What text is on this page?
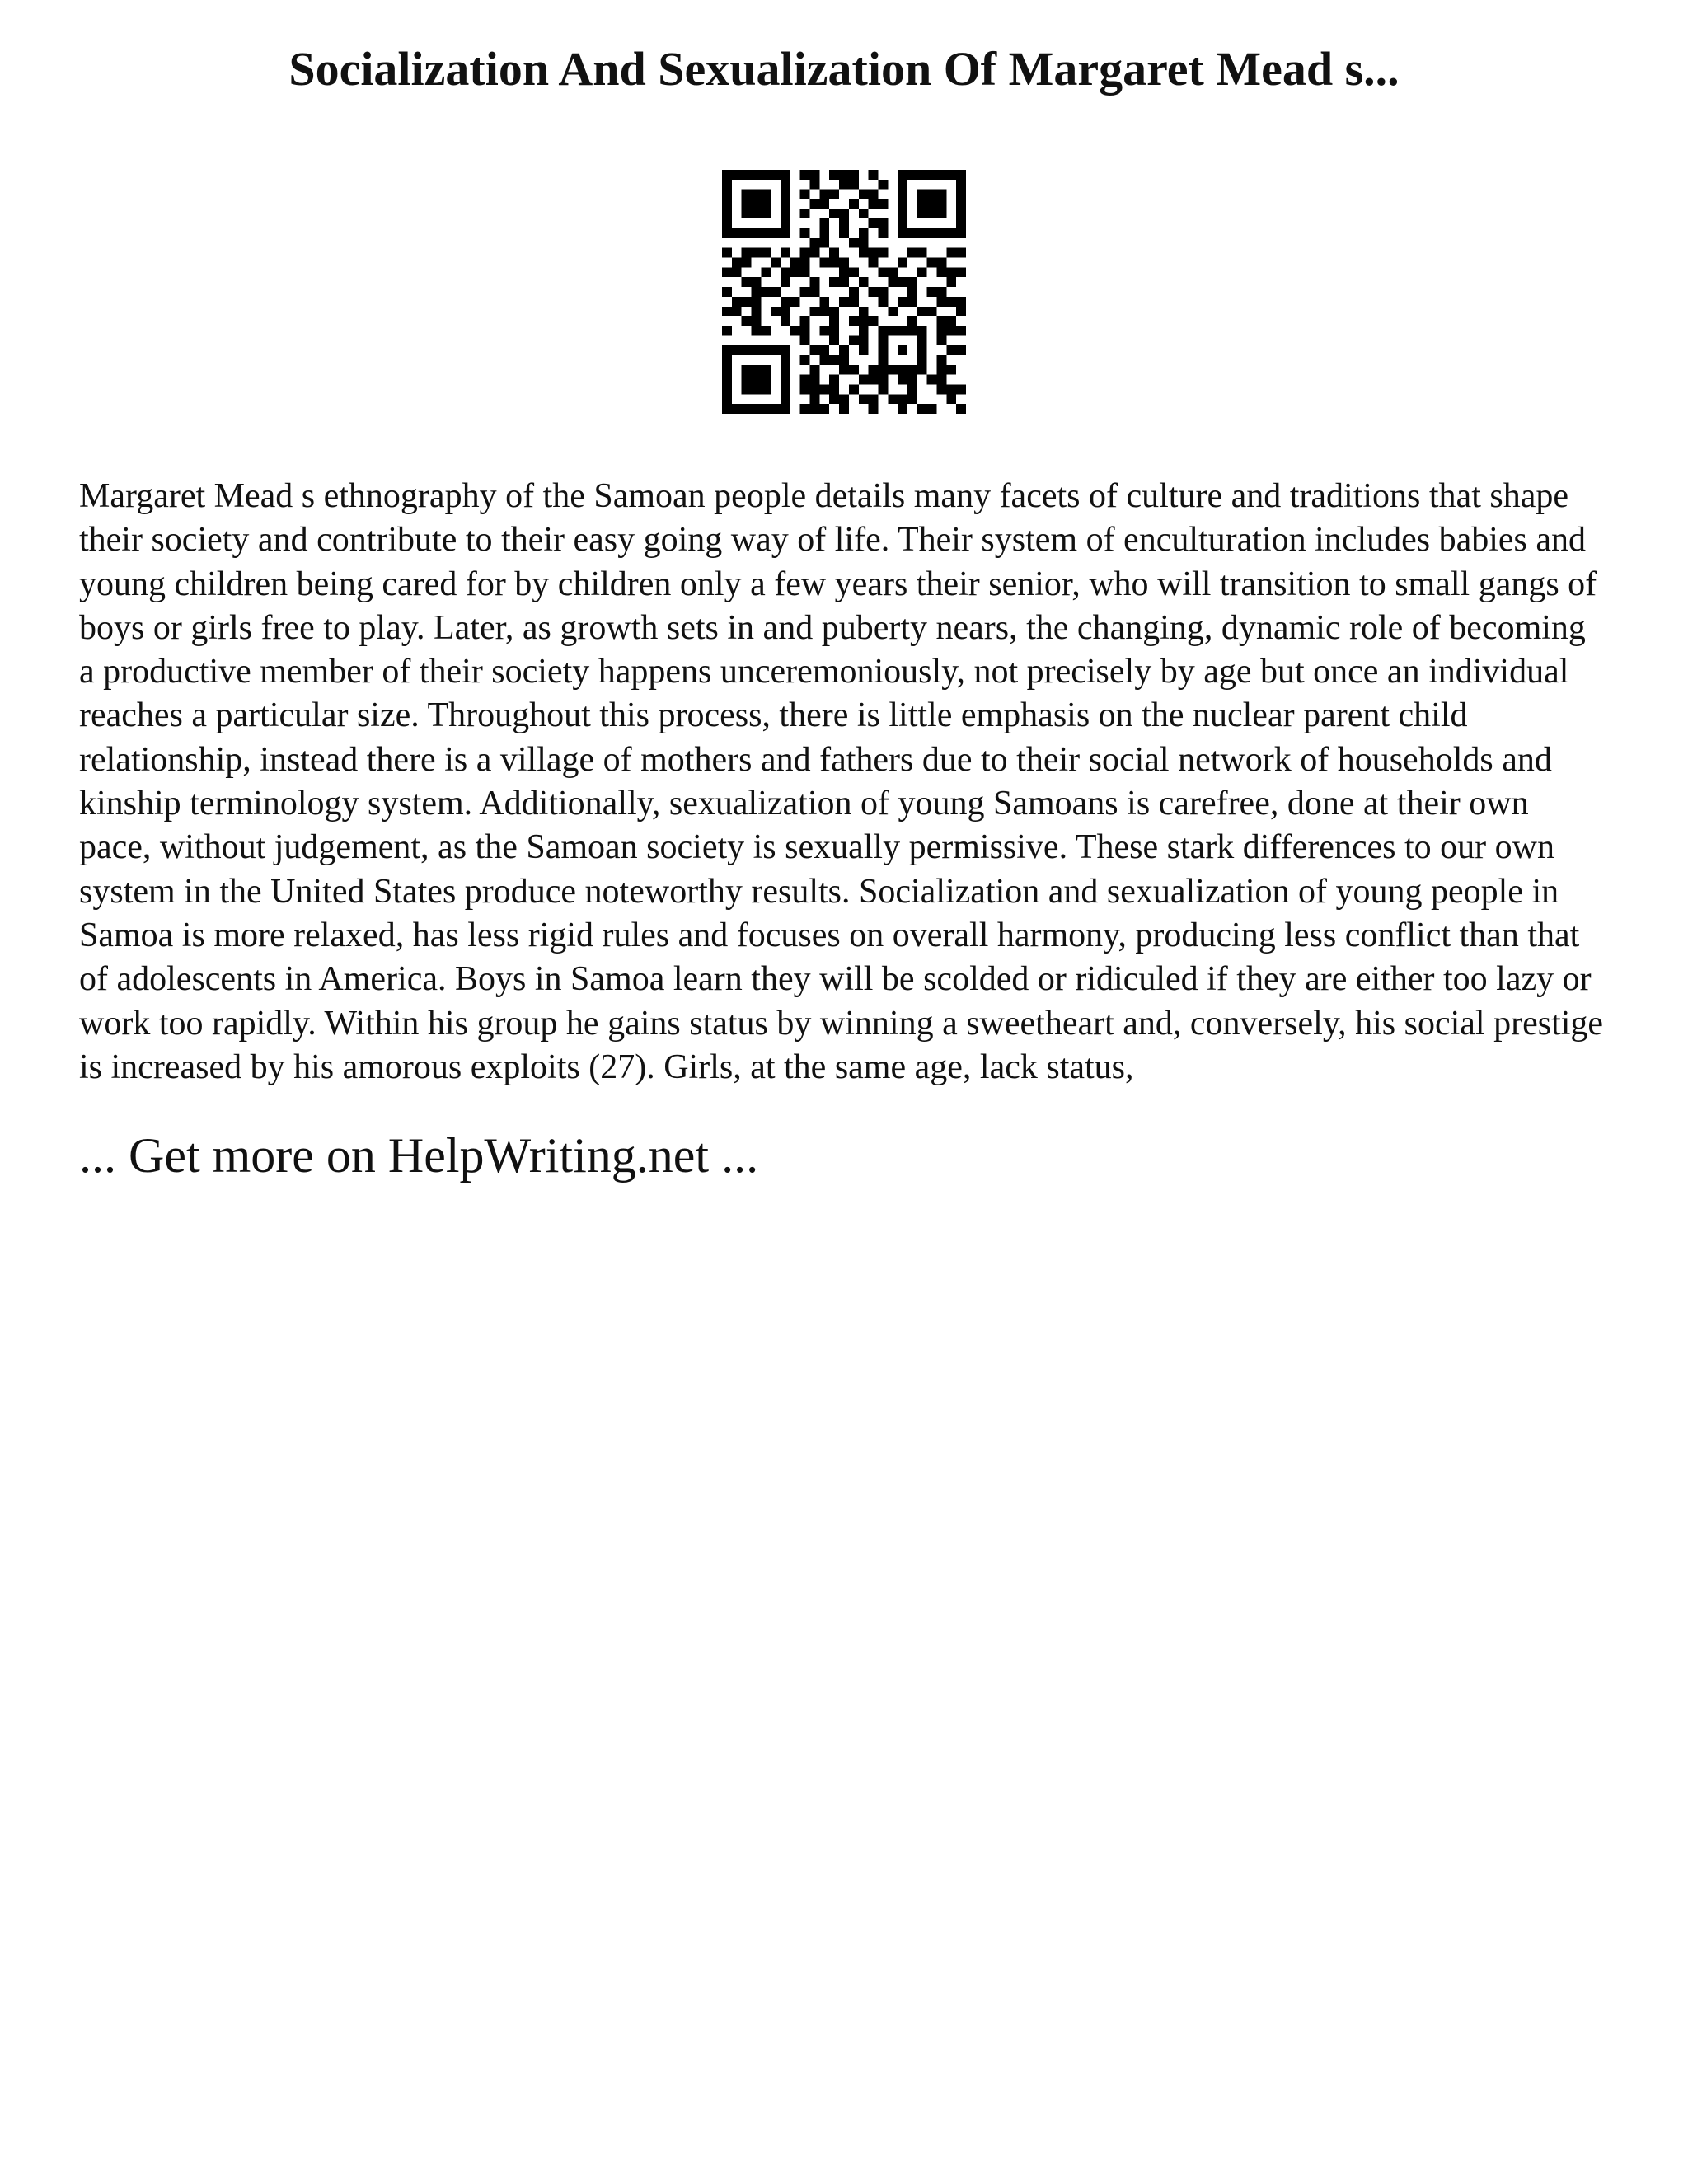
Socialization And Sexualization Of Margaret Mead s...

Margaret Mead s ethnography of the Samoan people details many facets of culture and traditions that shape their society and contribute to their easy going way of life. Their system of enculturation includes babies and young children being cared for by children only a few years their senior, who will transition to small gangs of boys or girls free to play. Later, as growth sets in and puberty nears, the changing, dynamic role of becoming a productive member of their society happens unceremoniously, not precisely by age but once an individual reaches a particular size. Throughout this process, there is little emphasis on the nuclear parent child relationship, instead there is a village of mothers and fathers due to their social network of households and kinship terminology system. Additionally, sexualization of young Samoans is carefree, done at their own pace, without judgement, as the Samoan society is sexually permissive. These stark differences to our own system in the United States produce noteworthy results. Socialization and sexualization of young people in Samoa is more relaxed, has less rigid rules and focuses on overall harmony, producing less conflict than that of adolescents in America. Boys in Samoa learn they will be scolded or ridiculed if they are either too lazy or work too rapidly. Within his group he gains status by winning a sweetheart and, conversely, his social prestige is increased by his amorous exploits (27). Girls, at the same age, lack status,

... Get more on HelpWriting.net ...
